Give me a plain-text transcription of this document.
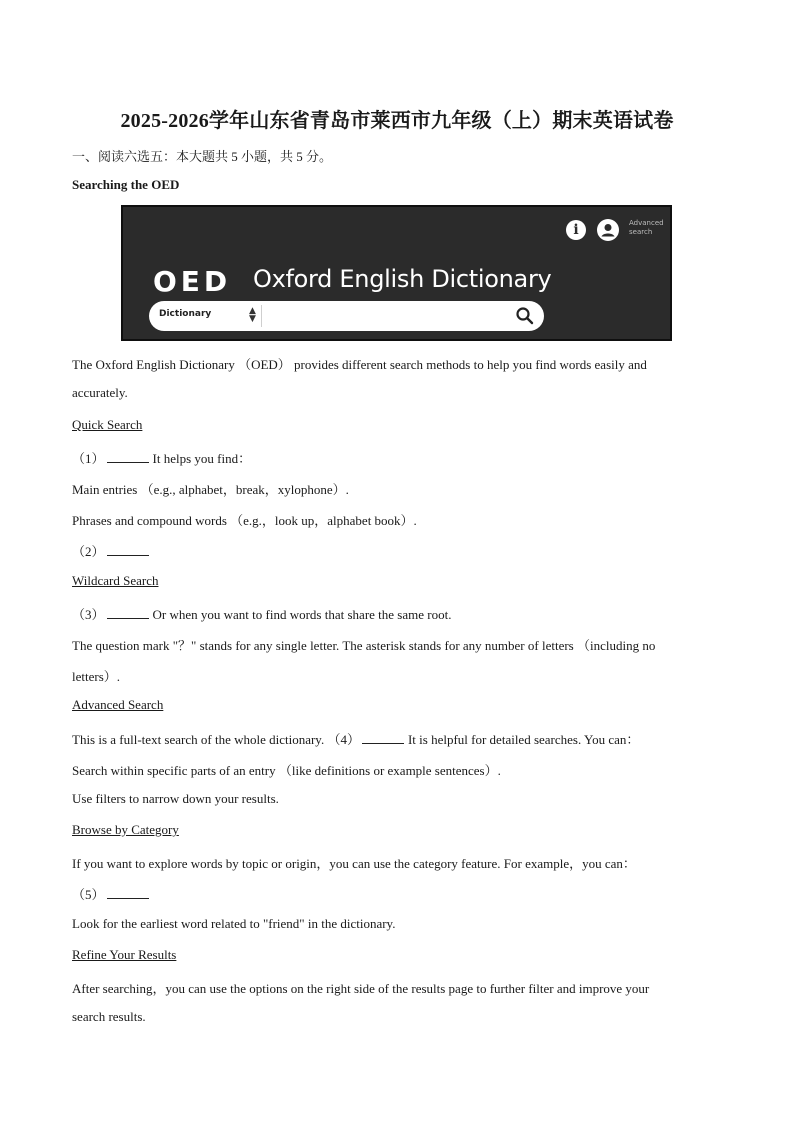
2025-2026学年山东省青岛市莱西市九年级（上）期末英语试卷
一、阅读六选五：本大题共 5 小题，共 5 分。
Searching the OED
i	Advanced search
OED Oxford English Dictionary
Dictionary	▲
▼
The Oxford English Dictionary （OED） provides different search methods to help you find words easily and
accurately.
Quick Search
（1）	It helps you find：
Main entries （e.g., alphabet，break，xylophone）.
Phrases and compound words （e.g.，look up，alphabet book）.
（2）
Wildcard Search
（3）	Or when you want to find words that share the same root.
The question mark "？" stands for any single letter. The asterisk stands for any number of letters （including no
letters）.
Advanced Search
This is a full-text search of the whole dictionary. （4）	It is helpful for detailed searches. You can：
Search within specific parts of an entry （like definitions or example sentences）.
Use filters to narrow down your results.
Browse by Category
If you want to explore words by topic or origin，you can use the category feature. For example，you can：
（5）
Look for the earliest word related to "friend" in the dictionary.
Refine Your Results
After searching，you can use the options on the right side of the results page to further filter and improve your
search results.
